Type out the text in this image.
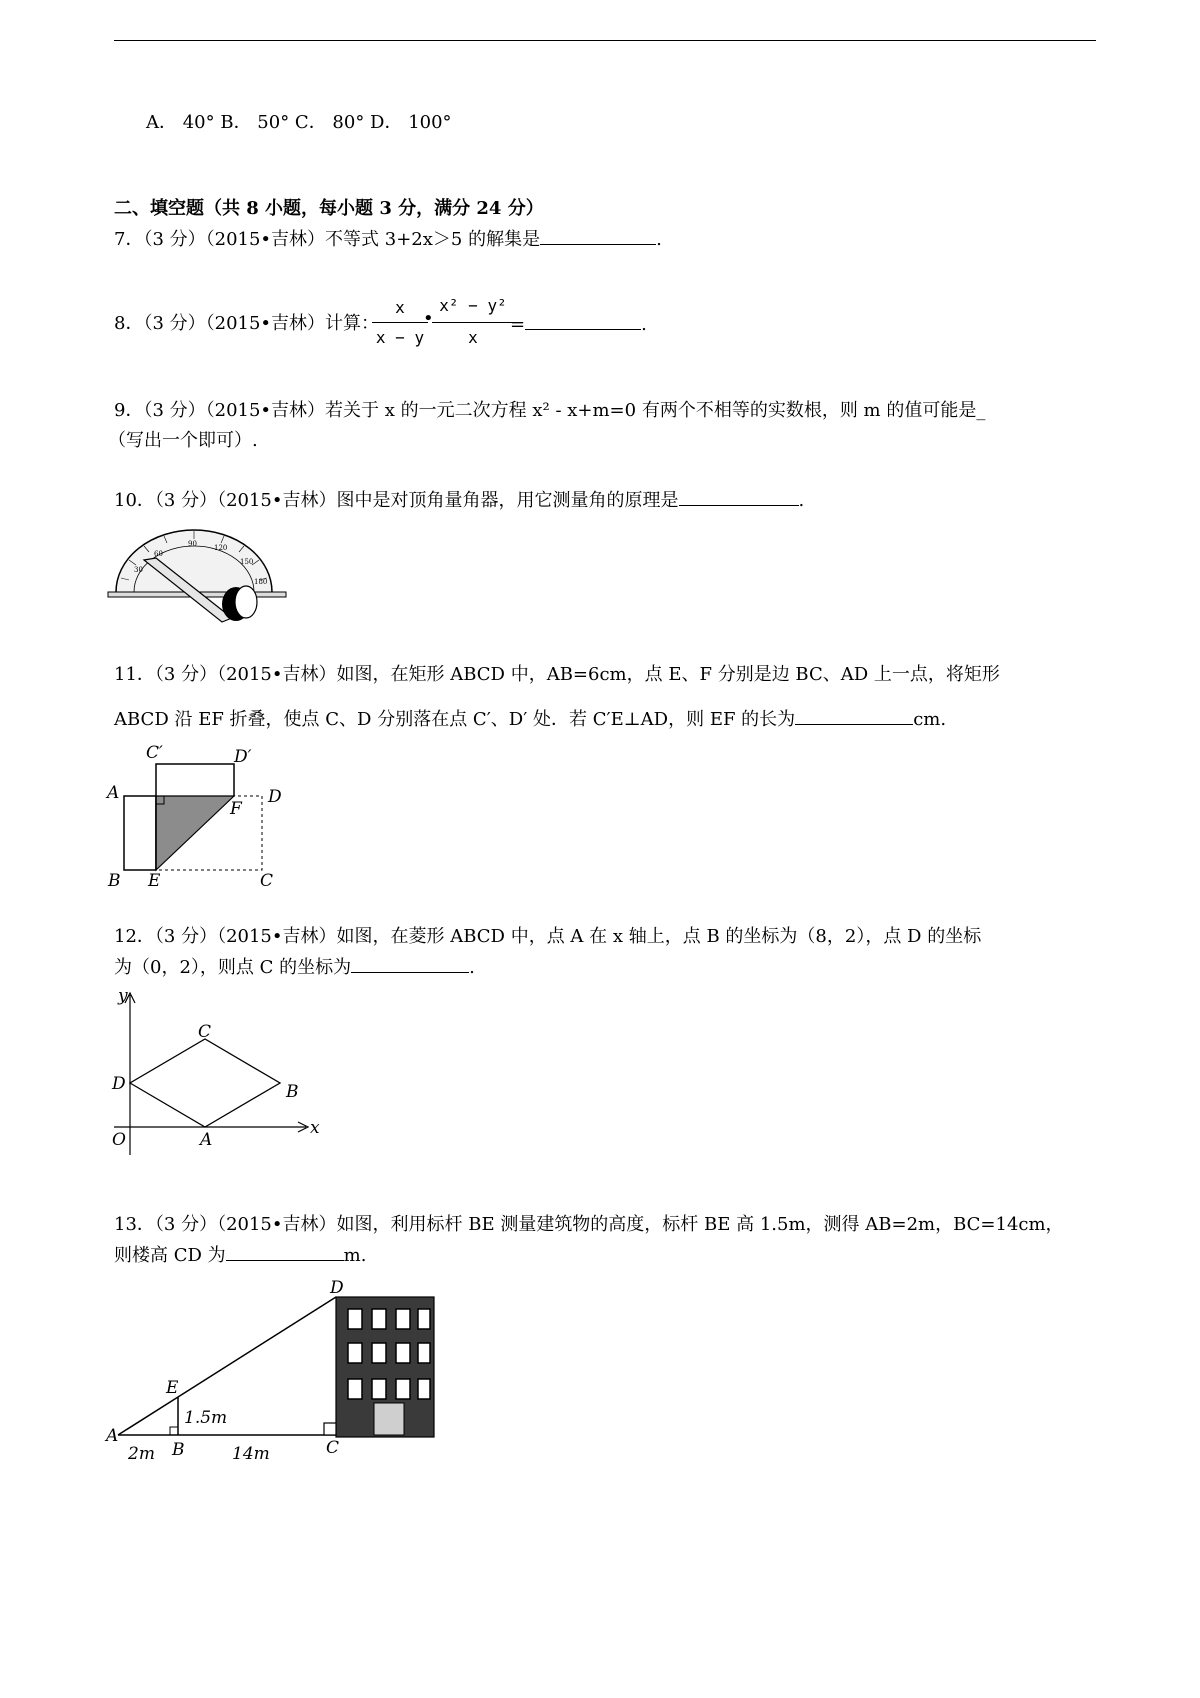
A． 40° B． 50° C． 80° D． 100°
二、填空题（共 8 小题，每小题 3 分，满分 24 分）
7．（3 分）（2015•吉林）不等式 3+2x＞5 的解集是	.
8．（3 分）（2015•吉林）计算：
x
x − y
•
x² − y²
x
=	.
9．（3 分）（2015•吉林）若关于 x 的一元二次方程 x² - x+m=0 有两个不相等的实数根，则 m 的值可能是_
（写出一个即可）.
10．（3 分）（2015•吉林）图中是对顶角量角器，用它测量角的原理是	.
60
90 120
150
30
180
11．（3 分）（2015•吉林）如图，在矩形 ABCD 中，AB=6cm，点 E、F 分别是边 BC、AD 上一点，将矩形
ABCD 沿 EF 折叠，使点 C、D 分别落在点 C′、D′ 处．若 C′E⊥AD，则 EF 的长为	cm.
A
B	C
D
E
F
C′	D′
12．（3 分）（2015•吉林）如图，在菱形 ABCD 中，点 A 在 x 轴上，点 B 的坐标为（8，2），点 D 的坐标
为（0，2），则点 C 的坐标为	.
y
x
O	A
B
C
D
13．（3 分）（2015•吉林）如图，利用标杆 BE 测量建筑物的高度，标杆 BE 高 1.5m，测得 AB=2m，BC=14cm，
则楼高 CD 为	m.
A
B	C
D
E
1.5m
2m	14m
